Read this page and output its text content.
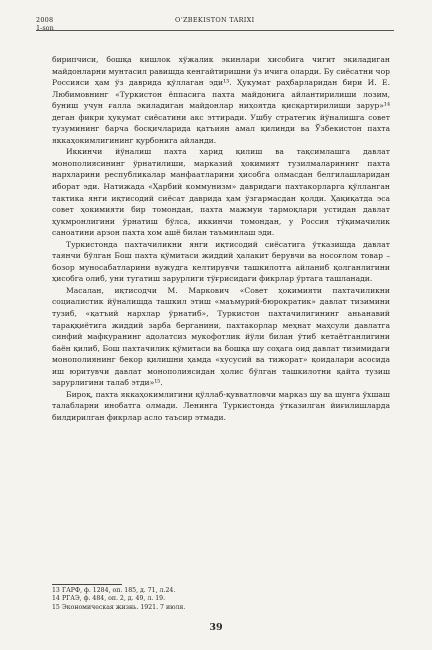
2008
1-son
O‘ZBEKISTON TARIXI

бирипчиси, бошқа кишлок хўжалик экинлари хисобига чигит экиладиган майдонларни мунтасил равишда кенгайтиришни ўз ичига оларди. Бу сиёсатни чор Россияси ҳам ўз даврида қўллаган эди¹³. Ҳукумат раҳбарларидан бири И. Е. Любимовнинг «Туркистон ёппасига пахта майдонига айлантирилиши лозим, буниш учун ғалла экиладиган майдонлар ниҳоятда қисқартирилиши зарур»¹⁴ деган фикри ҳукумат сиёсатини акс эттиради. Ушбу стратегик йўналишга совет тузумининг барча босқичларида қатъиян амал қилинди ва Ўзбекистон пахта яккаҳокимлигининг қурбонига айланди.

Иккинчи йўналиш пахта харид қилиш ва тақсимлашга давлат монополиясининг ўрнатилиши, марказий ҳокимият тузилмаларининг пахта нархларини республикалар манфаатларини ҳисобга олмасдан белгилашларидан иборат эди. Натижада «Ҳарбий коммунизм» давридаги пахтакорларга қўлланган тактика янги иқтисодий сиёсат даврида ҳам ўзгармасдан қолди. Ҳақиқатда эса совет ҳокимияти бир томондан, пахта мажмуи тармоқлари устидан давлат ҳукмронлигини ўрнатиш бўлса, иккинчи томондан, у Россия тўқимачилик саноатини арзон пахта хом ашё билан таъминлаш эди.

Туркистонда пахтачиликни янги иқтисодий сиёсатига ўтказишда давлат таянчи бўлган Бош пахта қўмитаси жиддий ҳалакит берувчи ва носоғлом товар – бозор муносабатларини вужудга келтирувчи ташкилотга айланиб қолганлигини ҳисобга олиб, уни тугатиш зарурлиги тўғрисидаги фикрлар ўртага ташланади.

Масалан, иқтисодчи М. Маркович «Совет ҳокимияти пахтачиликни социалистик йўналишда ташкил этиш «маъмурий-бюрократик» давлат тизимини тузиб, «қатъий нархлар ўрнатиб», Туркистон пахтачилигининг аньанавий тараққиётига жиддий зарба берганини, пахтакорлар меҳнат маҳсули давлатга синфий мафкуранинг адолатсиз мукофотлик йўли билан ўтиб кетаётганлигини баён қилиб, Бош пахтачилик қўмитаси ва бошқа шу соҳага оид давлат тизимидаги монополиянинг бекор қилишни ҳамда «хусусий ва тижорат» қоидалари асосида иш юритувчи давлат монополиясидан ҳолис бўлган ташкилотни қайта тузиш зарурлигини талаб этди»¹⁵.

Бироқ, пахта яккаҳокимлигини қўллаб-қувватловчи марказ шу ва шунга ўхшаш талабларни инобатга олмади. Ленинга Туркистонда ўтказилган йиғилишларда билдирилган фикрлар асло таъсир этмади.

13 ГАРФ, ф. 1284, оп. 185, д. 71, л.24.
14 РГАЭ, ф. 484, оп. 2, д. 49, л. 19.
15 Экономическая жизнь. 1921. 7 июля.
39
